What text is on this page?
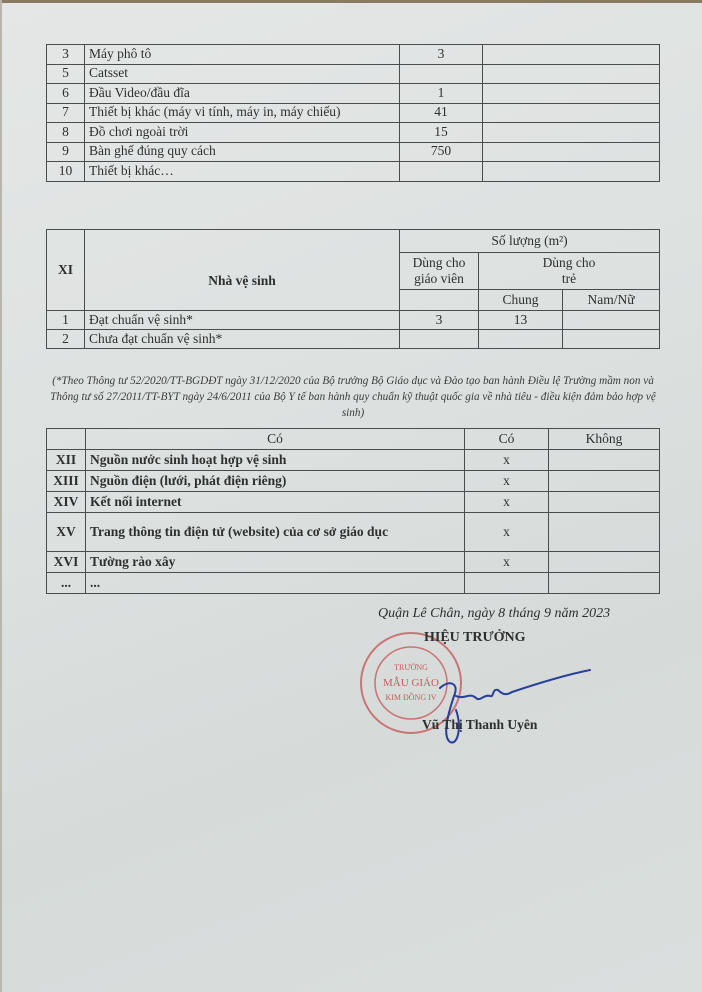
3	Máy phô tô	3	
5	Catsset		
6	Đầu Video/đầu đĩa	1	
7	Thiết bị khác (máy vi tính, máy in, máy chiếu)	41	
8	Đồ chơi ngoài trời	15	
9	Bàn ghế đúng quy cách	750	
10	Thiết bị khác…		
XI	Nhà vệ sinh	Số lượng (m²)		
		Dùng cho giáo viên	Dùng cho trẻ	
			Chung	Nam/Nữ
1	Đạt chuẩn vệ sinh*	3	13	
2	Chưa đạt chuẩn vệ sinh*			
(*Theo Thông tư 52/2020/TT-BGDĐT ngày 31/12/2020 của Bộ trưởng Bộ Giáo dục và Đào tạo ban hành Điều lệ Trường mầm non và Thông tư số 27/2011/TT-BYT ngày 24/6/2011 của Bộ Y tế ban hành quy chuẩn kỹ thuật quốc gia về nhà tiêu - điều kiện đảm bảo hợp vệ sinh)
	Có	Có	Không
XII	Nguồn nước sinh hoạt hợp vệ sinh	x	
XIII	Nguồn điện (lưới, phát điện riêng)	x	
XIV	Kết nối internet	x	
XV	Trang thông tin điện tử (website) của cơ sở giáo dục	x	
XVI	Tường rào xây	x	
...	...		
Quận Lê Chân, ngày 8 tháng 9 năm 2023
TRƯỜNG
MẪU GIÁO
KIM ĐỒNG IV
HIỆU TRƯỞNG
Vũ Thị Thanh Uyên
